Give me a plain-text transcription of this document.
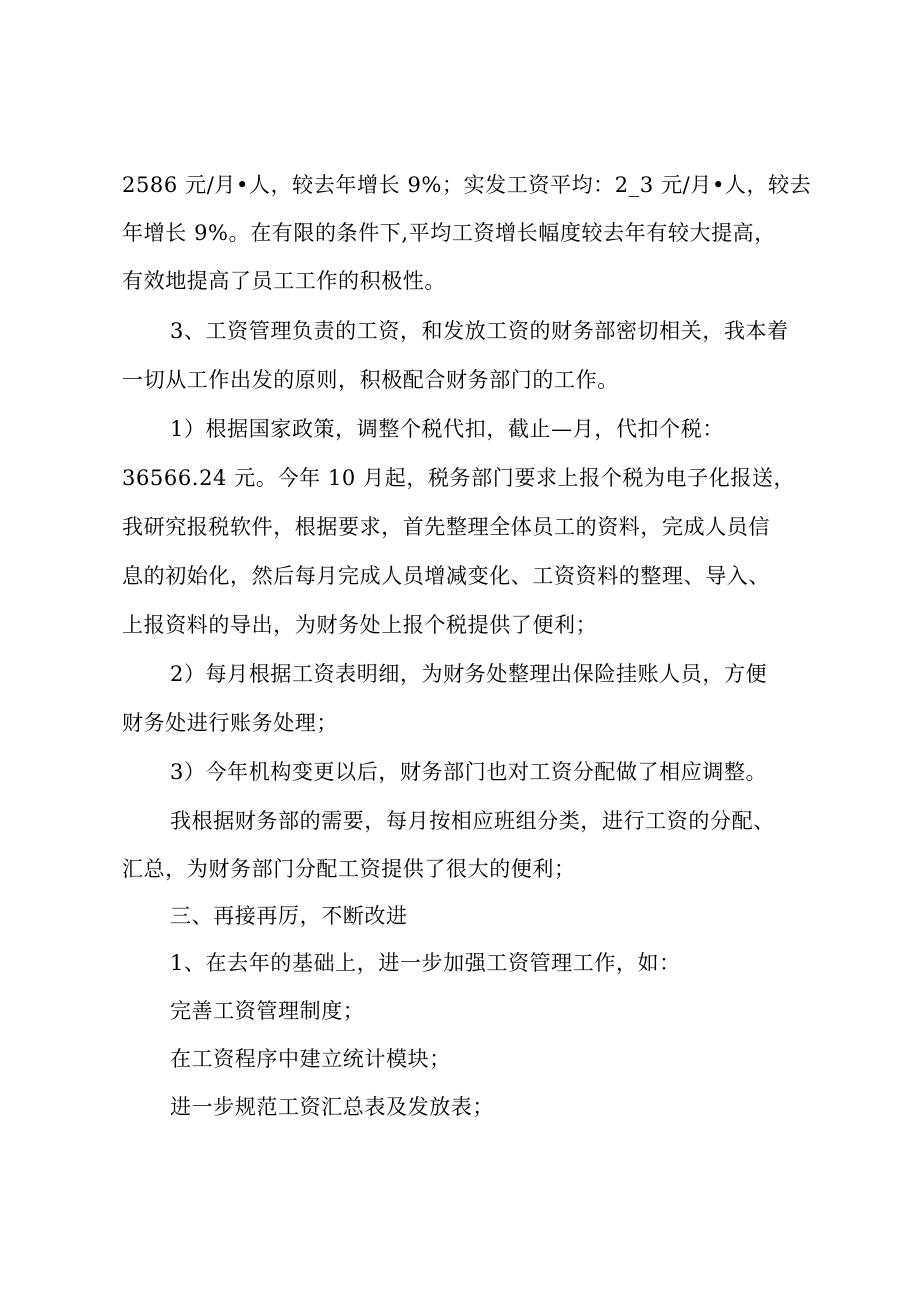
2586 元/月•人，较去年增长 9%；实发工资平均：2_3 元/月•人，较去
年增长 9%。在有限的条件下,平均工资增长幅度较去年有较大提高，
有效地提高了员工工作的积极性。
3、工资管理负责的工资，和发放工资的财务部密切相关，我本着
一切从工作出发的原则，积极配合财务部门的工作。
1）根据国家政策，调整个税代扣，截止—月，代扣个税：
36566.24 元。今年 10 月起，税务部门要求上报个税为电子化报送，
我研究报税软件，根据要求，首先整理全体员工的资料，完成人员信
息的初始化，然后每月完成人员增减变化、工资资料的整理、导入、
上报资料的导出，为财务处上报个税提供了便利；
2）每月根据工资表明细，为财务处整理出保险挂账人员，方便
财务处进行账务处理；
3）今年机构变更以后，财务部门也对工资分配做了相应调整。
我根据财务部的需要，每月按相应班组分类，进行工资的分配、
汇总，为财务部门分配工资提供了很大的便利；
三、再接再厉，不断改进
1、在去年的基础上，进一步加强工资管理工作，如：
完善工资管理制度；
在工资程序中建立统计模块；
进一步规范工资汇总表及发放表；
